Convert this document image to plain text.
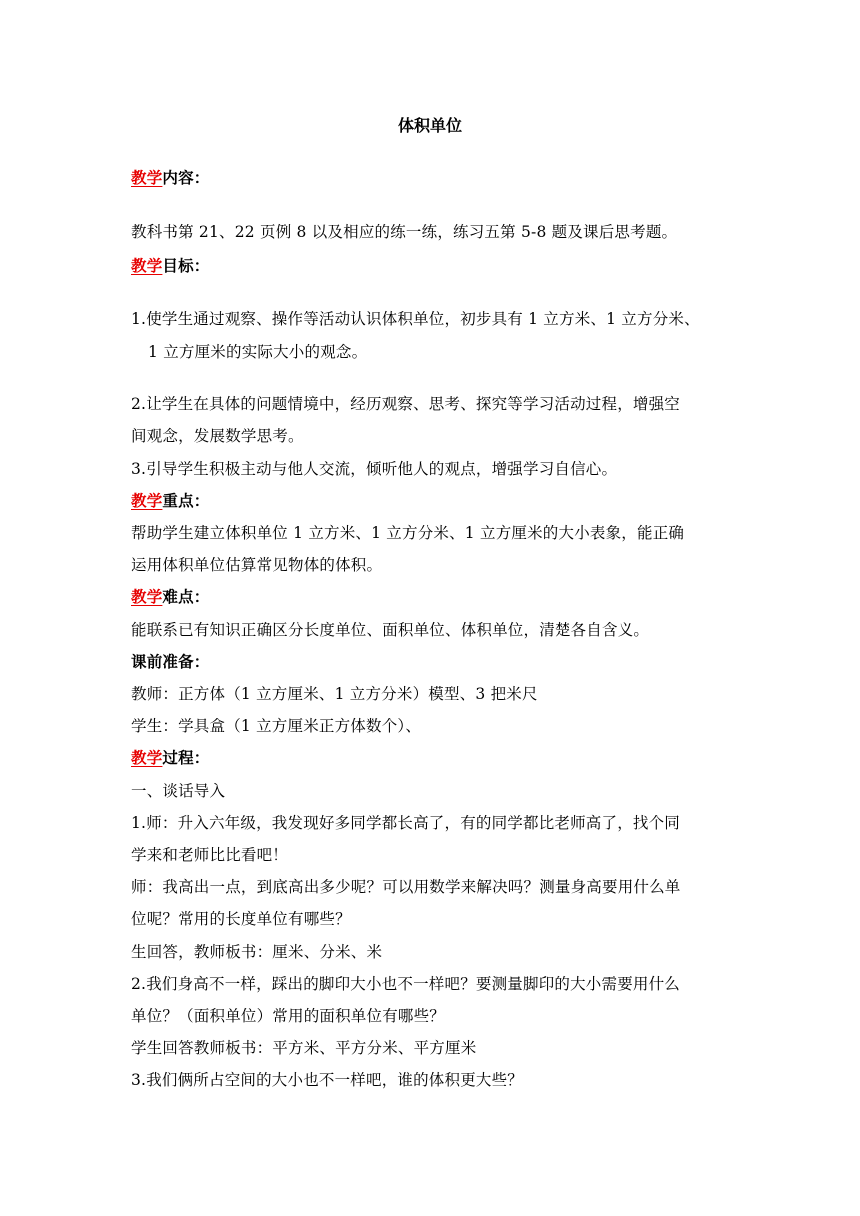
体积单位
教学内容：
教科书第 21、22 页例 8 以及相应的练一练，练习五第 5-8 题及课后思考题。
教学目标：
1.使学生通过观察、操作等活动认识体积单位，初步具有 1 立方米、1 立方分米、
1 立方厘米的实际大小的观念。
2.让学生在具体的问题情境中，经历观察、思考、探究等学习活动过程，增强空
间观念，发展数学思考。
3.引导学生积极主动与他人交流，倾听他人的观点，增强学习自信心。
教学重点：
帮助学生建立体积单位 1 立方米、1 立方分米、1 立方厘米的大小表象，能正确
运用体积单位估算常见物体的体积。
教学难点：
能联系已有知识正确区分长度单位、面积单位、体积单位，清楚各自含义。
课前准备：
教师：正方体（1 立方厘米、1 立方分米）模型、3 把米尺
学生：学具盒（1 立方厘米正方体数个）、
教学过程：
一、谈话导入
1.师：升入六年级，我发现好多同学都长高了，有的同学都比老师高了，找个同
学来和老师比比看吧！
师：我高出一点，到底高出多少呢？可以用数学来解决吗？测量身高要用什么单
位呢？常用的长度单位有哪些？
生回答，教师板书：厘米、分米、米
2.我们身高不一样，踩出的脚印大小也不一样吧？要测量脚印的大小需要用什么
单位？（面积单位）常用的面积单位有哪些？
学生回答教师板书：平方米、平方分米、平方厘米
3.我们俩所占空间的大小也不一样吧，谁的体积更大些？
